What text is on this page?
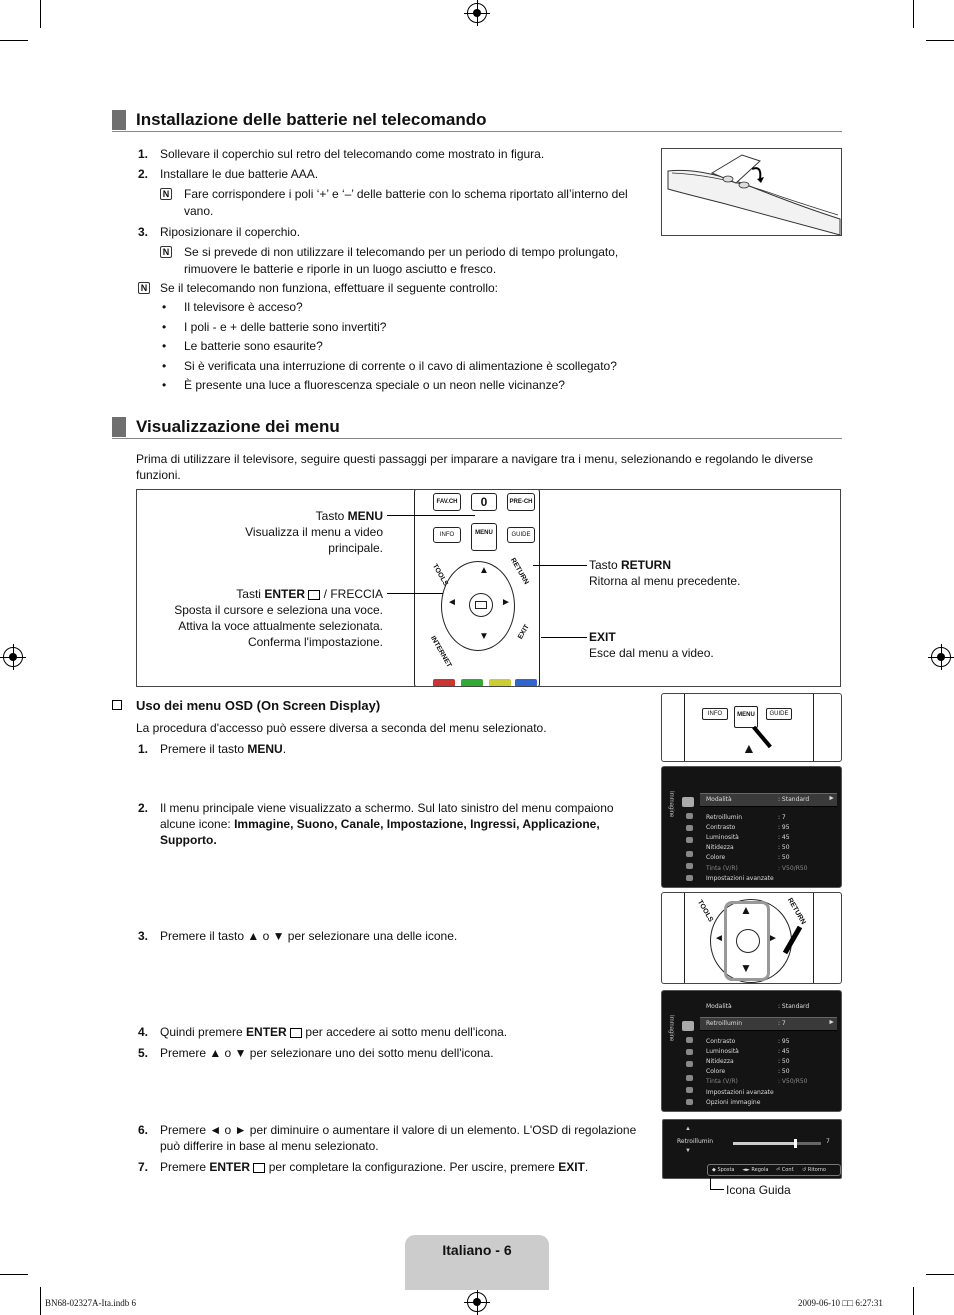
Installazione delle batterie nel telecomando
1. Sollevare il coperchio sul retro del telecomando come mostrato in figura.
2. Installare le due batterie AAA.
N Fare corrispondere i poli ‘+’ e ‘–’ delle batterie con lo schema riportato all’interno del
vano.
3. Riposizionare il coperchio.
N Se si prevede di non utilizzare il telecomando per un periodo di tempo prolungato,
rimuovere le batterie e riporle in un luogo asciutto e fresco.
N Se il telecomando non funziona, effettuare il seguente controllo:
• Il televisore è acceso?
• I poli - e + delle batterie sono invertiti?
• Le batterie sono esaurite?
• Si è verificata una interruzione di corrente o il cavo di alimentazione è scollegato?
• È presente una luce a fluorescenza speciale o un neon nelle vicinanze?
Visualizzazione dei menu
Prima di utilizzare il televisore, seguire questi passaggi per imparare a navigare tra i menu, selezionando e regolando le diverse
funzioni.
FAV.CH	0	PRE-CH
INFO	MENU	GUIDE
TOOLS	RETURN
INTERNET
EXIT
▲
▼
◄	►
Tasto MENU
Visualizza il menu a video
principale.
Tasti ENTER  / FRECCIA
Sposta il cursore e seleziona una voce.
Attiva la voce attualmente selezionata.
Conferma l'impostazione.
Tasto RETURN
Ritorna al menu precedente.
EXIT
Esce dal menu a video.
Uso dei menu OSD (On Screen Display)
La procedura d'accesso può essere diversa a seconda del menu selezionato.
1. Premere il tasto MENU.
2. Il menu principale viene visualizzato a schermo. Sul lato sinistro del menu compaiono
alcune icone: Immagine, Suono, Canale, Impostazione, Ingressi, Applicazione,
Supporto.
3. Premere il tasto ▲ o ▼ per selezionare una delle icone.
4. Quindi premere ENTER  per accedere ai sotto menu dell'icona.
5. Premere ▲ o ▼ per selezionare uno dei sotto menu dell'icona.
6. Premere ◄ o ► per diminuire o aumentare il valore di un elemento. L'OSD di regolazione
può differire in base al menu selezionato.
7. Premere ENTER  per completare la configurazione. Per uscire, premere EXIT.
INFO	MENU	GUIDE
▲
Immagine	Modalità	: Standard	►
Retroillumin	: 7
Contrasto	: 95
Luminosità	: 45
Nitidezza	: 50
Colore	: 50
Tinta (V/R)	: V50/R50
Impostazioni avanzate
TOOLS	RETURN
▲
▼
◄	►
Immagine
Modalità	: Standard
Retroillumin	: 7	►
Contrasto	: 95
Luminosità	: 45
Nitidezza	: 50
Colore	: 50
Tinta (V/R)	: V50/R50
Impostazioni avanzate
Opzioni immagine
▲
Retroillumin
▼
7
◆ Sposta ◄► Regola ⏎ Conf. ↺ Ritorno
Icona Guida
Italiano - 6
BN68-02327A-Ita.indb 6	2009-06-10 □□ 6:27:31
